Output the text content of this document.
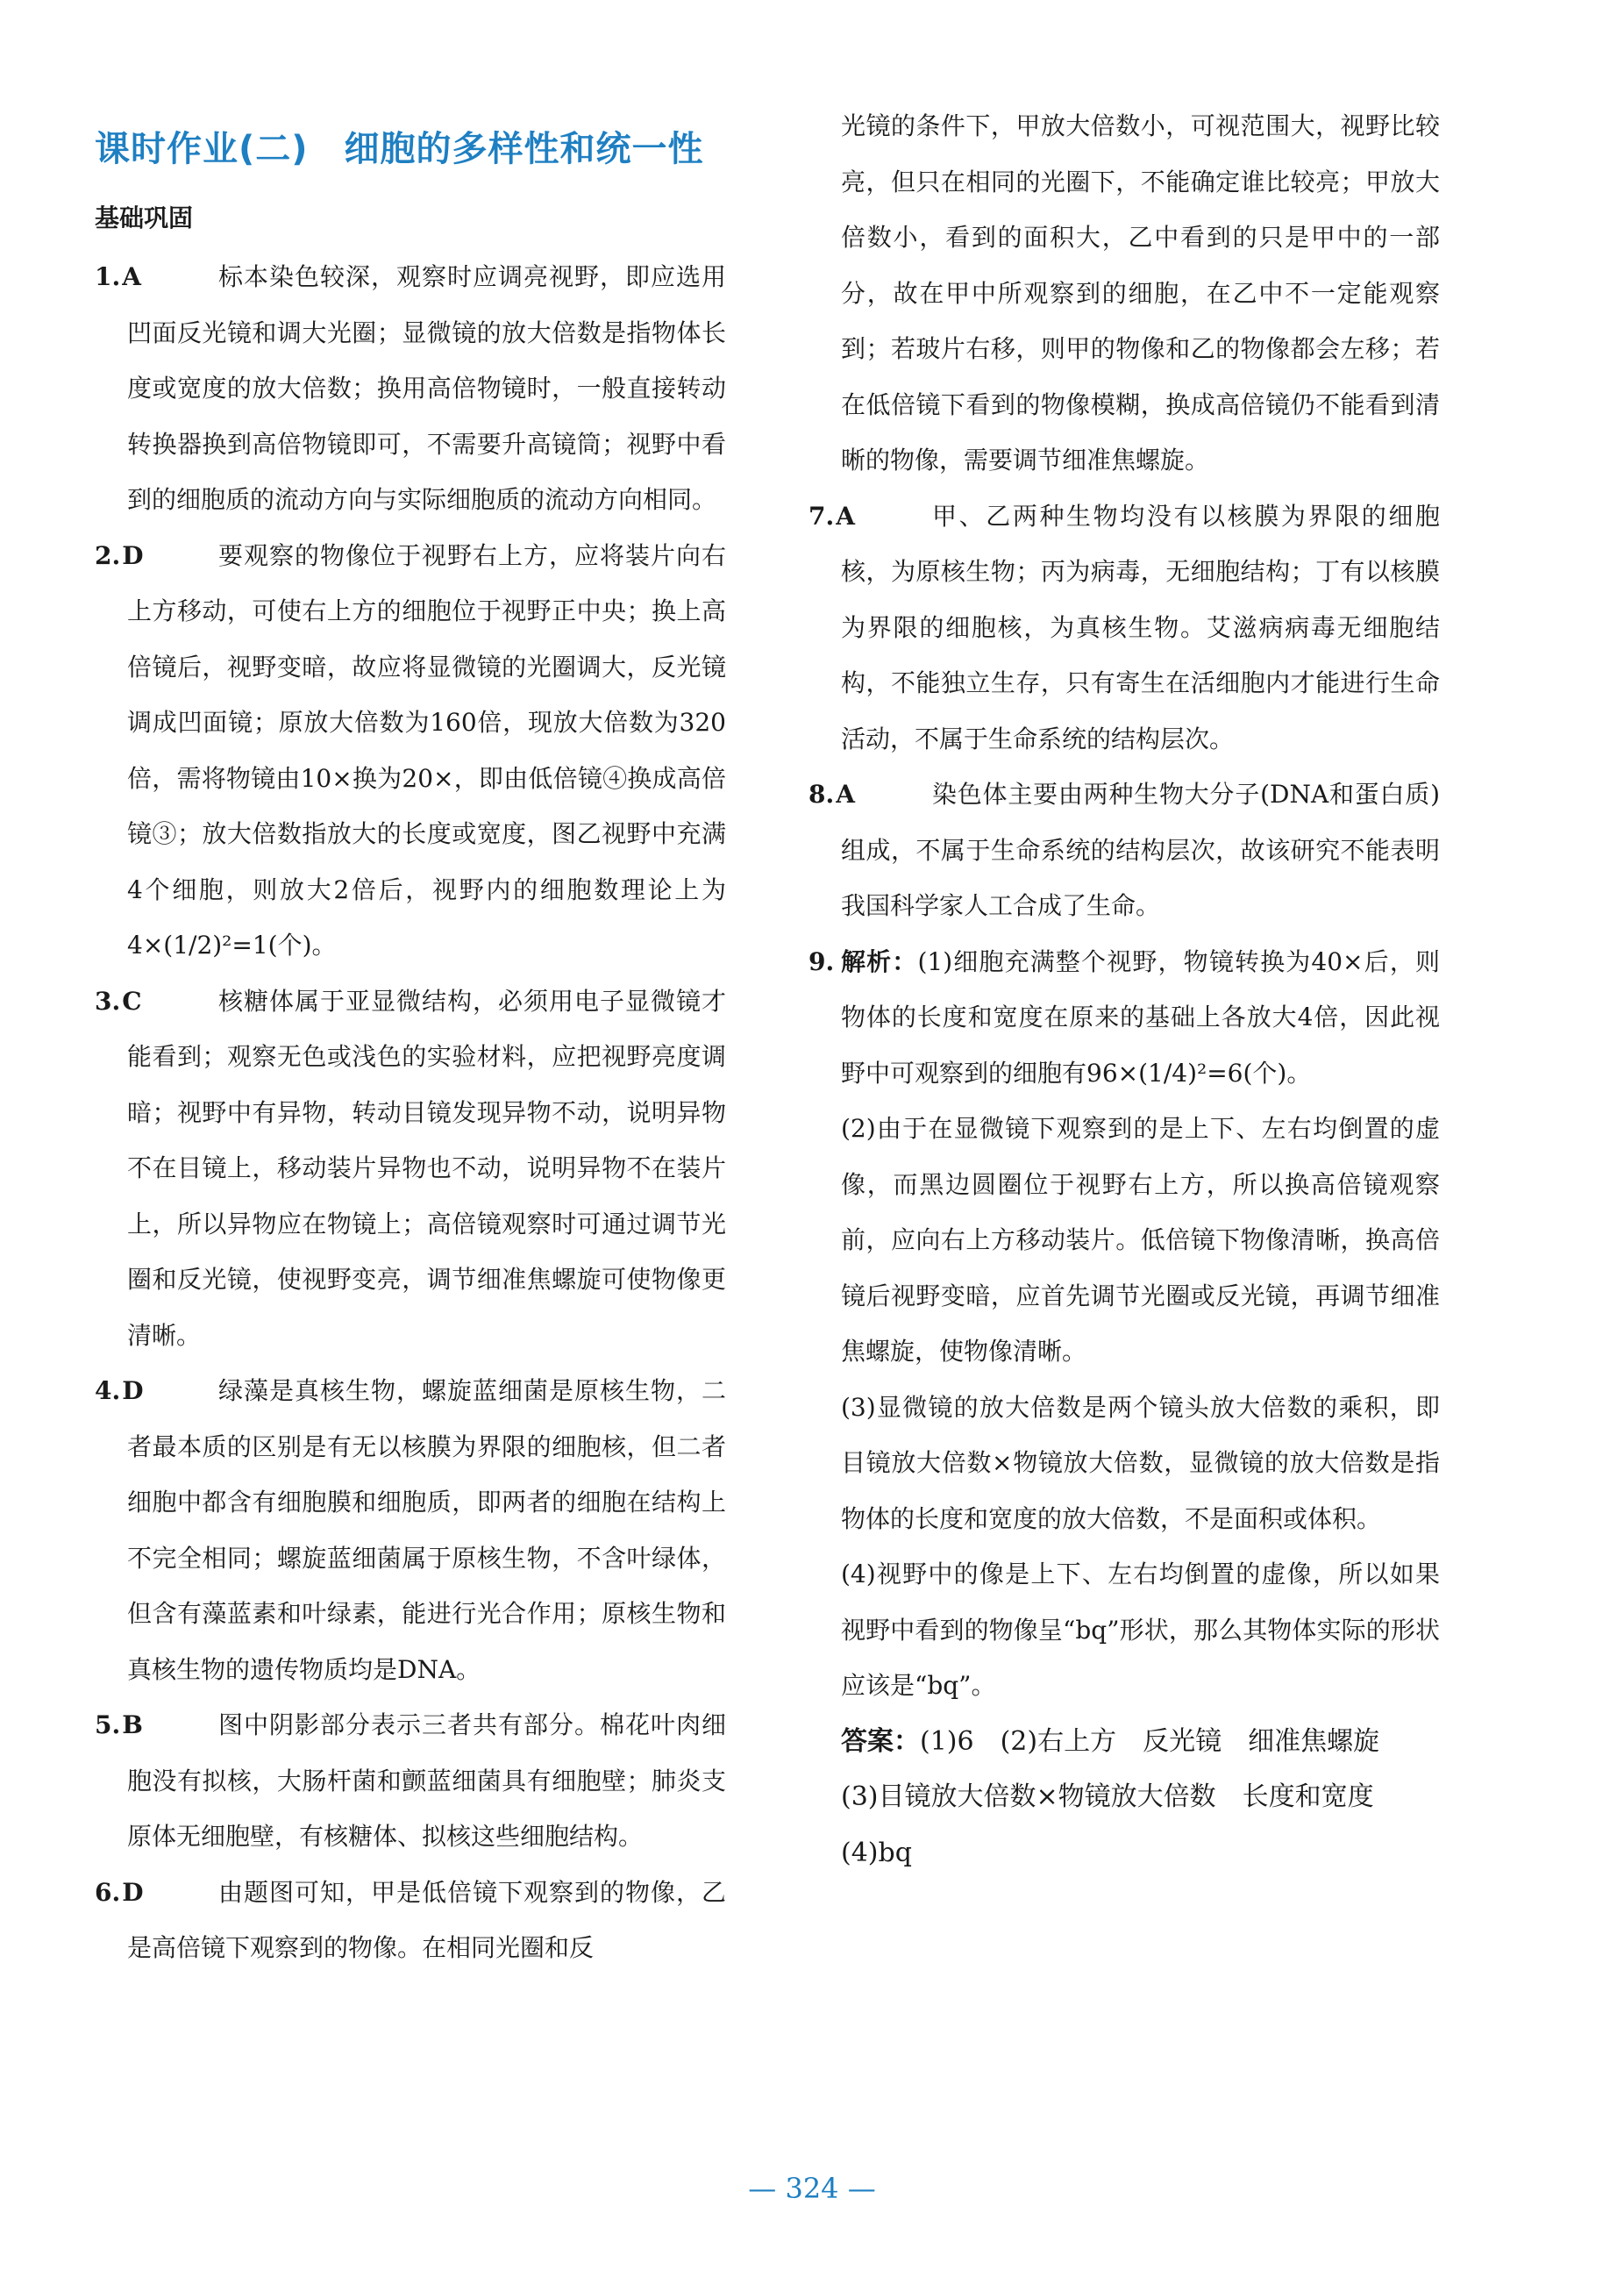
课时作业(二)　细胞的多样性和统一性
基础巩固
1.A	标本染色较深，观察时应调亮视野，即应选用凹面反光镜和调大光圈；显微镜的放大倍数是指物体长度或宽度的放大倍数；换用高倍物镜时，一般直接转动转换器换到高倍物镜即可，不需要升高镜筒；视野中看到的细胞质的流动方向与实际细胞质的流动方向相同。
2.D	要观察的物像位于视野右上方，应将装片向右上方移动，可使右上方的细胞位于视野正中央；换上高倍镜后，视野变暗，故应将显微镜的光圈调大，反光镜调成凹面镜；原放大倍数为160倍，现放大倍数为320倍，需将物镜由10×换为20×，即由低倍镜④换成高倍镜③；放大倍数指放大的长度或宽度，图乙视野中充满4个细胞，则放大2倍后，视野内的细胞数理论上为4×(1/2)²=1(个)。
3.C	核糖体属于亚显微结构，必须用电子显微镜才能看到；观察无色或浅色的实验材料，应把视野亮度调暗；视野中有异物，转动目镜发现异物不动，说明异物不在目镜上，移动装片异物也不动，说明异物不在装片上，所以异物应在物镜上；高倍镜观察时可通过调节光圈和反光镜，使视野变亮，调节细准焦螺旋可使物像更清晰。
4.D	绿藻是真核生物，螺旋蓝细菌是原核生物，二者最本质的区别是有无以核膜为界限的细胞核，但二者细胞中都含有细胞膜和细胞质，即两者的细胞在结构上不完全相同；螺旋蓝细菌属于原核生物，不含叶绿体，但含有藻蓝素和叶绿素，能进行光合作用；原核生物和真核生物的遗传物质均是DNA。
5.B	图中阴影部分表示三者共有部分。棉花叶肉细胞没有拟核，大肠杆菌和颤蓝细菌具有细胞壁；肺炎支原体无细胞壁，有核糖体、拟核这些细胞结构。
6.D	由题图可知，甲是低倍镜下观察到的物像，乙是高倍镜下观察到的物像。在相同光圈和反
光镜的条件下，甲放大倍数小，可视范围大，视野比较亮，但只在相同的光圈下，不能确定谁比较亮；甲放大倍数小，看到的面积大，乙中看到的只是甲中的一部分，故在甲中所观察到的细胞，在乙中不一定能观察到；若玻片右移，则甲的物像和乙的物像都会左移；若在低倍镜下看到的物像模糊，换成高倍镜仍不能看到清晰的物像，需要调节细准焦螺旋。
7.A	甲、乙两种生物均没有以核膜为界限的细胞核，为原核生物；丙为病毒，无细胞结构；丁有以核膜为界限的细胞核，为真核生物。艾滋病病毒无细胞结构，不能独立生存，只有寄生在活细胞内才能进行生命活动，不属于生命系统的结构层次。
8.A	染色体主要由两种生物大分子(DNA和蛋白质)组成，不属于生命系统的结构层次，故该研究不能表明我国科学家人工合成了生命。
9. 解析：(1)细胞充满整个视野，物镜转换为40×后，则物体的长度和宽度在原来的基础上各放大4倍，因此视野中可观察到的细胞有96×(1/4)²=6(个)。
(2)由于在显微镜下观察到的是上下、左右均倒置的虚像，而黑边圆圈位于视野右上方，所以换高倍镜观察前，应向右上方移动装片。低倍镜下物像清晰，换高倍镜后视野变暗，应首先调节光圈或反光镜，再调节细准焦螺旋，使物像清晰。
(3)显微镜的放大倍数是两个镜头放大倍数的乘积，即目镜放大倍数×物镜放大倍数，显微镜的放大倍数是指物体的长度和宽度的放大倍数，不是面积或体积。
(4)视野中的像是上下、左右均倒置的虚像，所以如果视野中看到的物像呈“bq”形状，那么其物体实际的形状应该是“bq”。
答案：(1)6　(2)右上方　反光镜　细准焦螺旋　(3)目镜放大倍数×物镜放大倍数　长度和宽度　(4)bq
— 324 —
